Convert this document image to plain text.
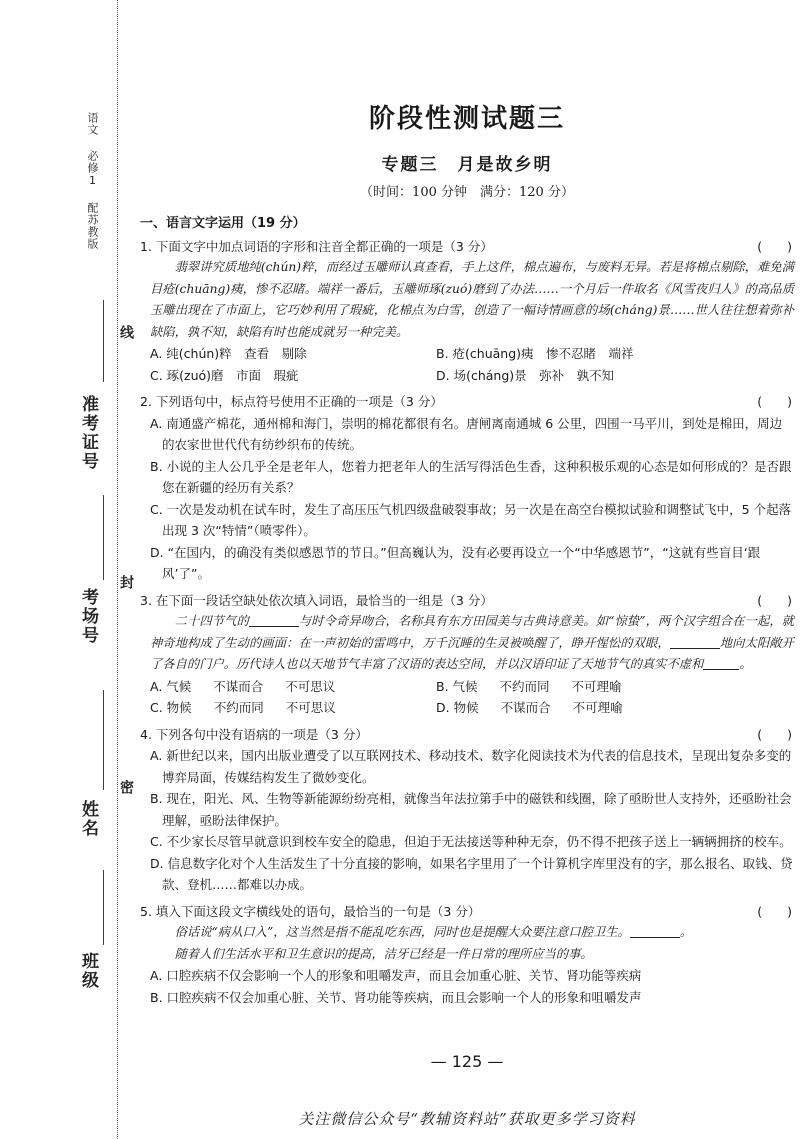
语文 必修1 配苏教版
线
封
密
准考证号
考场号
姓名
班级
阶段性测试题三
专题三　月是故乡明
（时间：100 分钟　满分：120 分）
一、语言文字运用（19 分）
1. 下面文字中加点词语的字形和注音全都正确的一项是（3 分）	(　　)
翡翠讲究质地纯(chún)粹，而经过玉雕师认真查看，手上这件，棉点遍布，与废料无异。若是将棉点剔除，难免满目疮(chuāng)痍，惨不忍睹。端祥一番后，玉雕师琢(zuó)磨到了办法……一个月后一件取名《风雪夜归人》的高品质玉雕出现在了市面上，它巧妙利用了瑕疵，化棉点为白雪，创造了一幅诗情画意的场(cháng)景……世人往往想着弥补缺陷，孰不知，缺陷有时也能成就另一种完美。
A. 纯(chún)粹　查看　剔除	B. 疮(chuāng)痍　惨不忍睹　端祥
C. 琢(zuó)磨　市面　瑕疵	D. 场(cháng)景　弥补　孰不知
2. 下列语句中，标点符号使用不正确的一项是（3 分）	(　　)
A. 南通盛产棉花，通州棉和海门，崇明的棉花都很有名。唐闸离南通城 6 公里，四围一马平川，到处是棉田，周边的农家世世代代有纺纱织布的传统。
B. 小说的主人公几乎全是老年人，您着力把老年人的生活写得活色生香，这种积极乐观的心态是如何形成的？是否跟您在新疆的经历有关系？
C. 一次是发动机在试车时，发生了高压压气机四级盘破裂事故；另一次是在高空台模拟试验和调整试飞中，5 个起落出现 3 次“特情”（喷零件）。
D. “在国内，的确没有类似感恩节的节日。”但高巍认为，没有必要再设立一个“中华感恩节”，“这就有些盲目‘跟风’了”。
3. 在下面一段话空缺处依次填入词语，最恰当的一组是（3 分）	(　　)
二十四节气的	与时令奇异吻合，名称具有东方田园美与古典诗意美。如“惊蛰”，两个汉字组合在一起，就神奇地构成了生动的画面：在一声初始的雷鸣中，万千沉睡的生灵被唤醒了，睁开惺忪的双眼，	地向太阳敞开了各自的门户。历代诗人也以天地节气丰富了汉语的表达空间，并以汉语印证了天地节气的真实不虚和	。
A. 气候 不谋而合 不可思议	B. 气候 不约而同 不可理喻
C. 物候 不约而同 不可思议	D. 物候 不谋而合 不可理喻
4. 下列各句中没有语病的一项是（3 分）	(　　)
A. 新世纪以来，国内出版业遭受了以互联网技术、移动技术、数字化阅读技术为代表的信息技术，呈现出复杂多变的博弈局面，传媒结构发生了微妙变化。
B. 现在，阳光、风、生物等新能源纷纷亮相，就像当年法拉第手中的磁铁和线圈，除了亟盼世人支持外，还亟盼社会理解，亟盼法律保护。
C. 不少家长尽管早就意识到校车安全的隐患，但迫于无法接送等种种无奈，仍不得不把孩子送上一辆辆拥挤的校车。
D. 信息数字化对个人生活发生了十分直接的影响，如果名字里用了一个计算机字库里没有的字，那么报名、取钱、贷款、登机……都难以办成。
5. 填入下面这段文字横线处的语句，最恰当的一句是（3 分）	(　　)
俗话说“病从口入”，这当然是指不能乱吃东西，同时也是提醒大众要注意口腔卫生。	。
随着人们生活水平和卫生意识的提高，洁牙已经是一件日常的理所应当的事。
A. 口腔疾病不仅会影响一个人的形象和咀嚼发声，而且会加重心脏、关节、肾功能等疾病
B. 口腔疾病不仅会加重心脏、关节、肾功能等疾病，而且会影响一个人的形象和咀嚼发声
— 125 —
关注微信公众号“教辅资料站”获取更多学习资料
